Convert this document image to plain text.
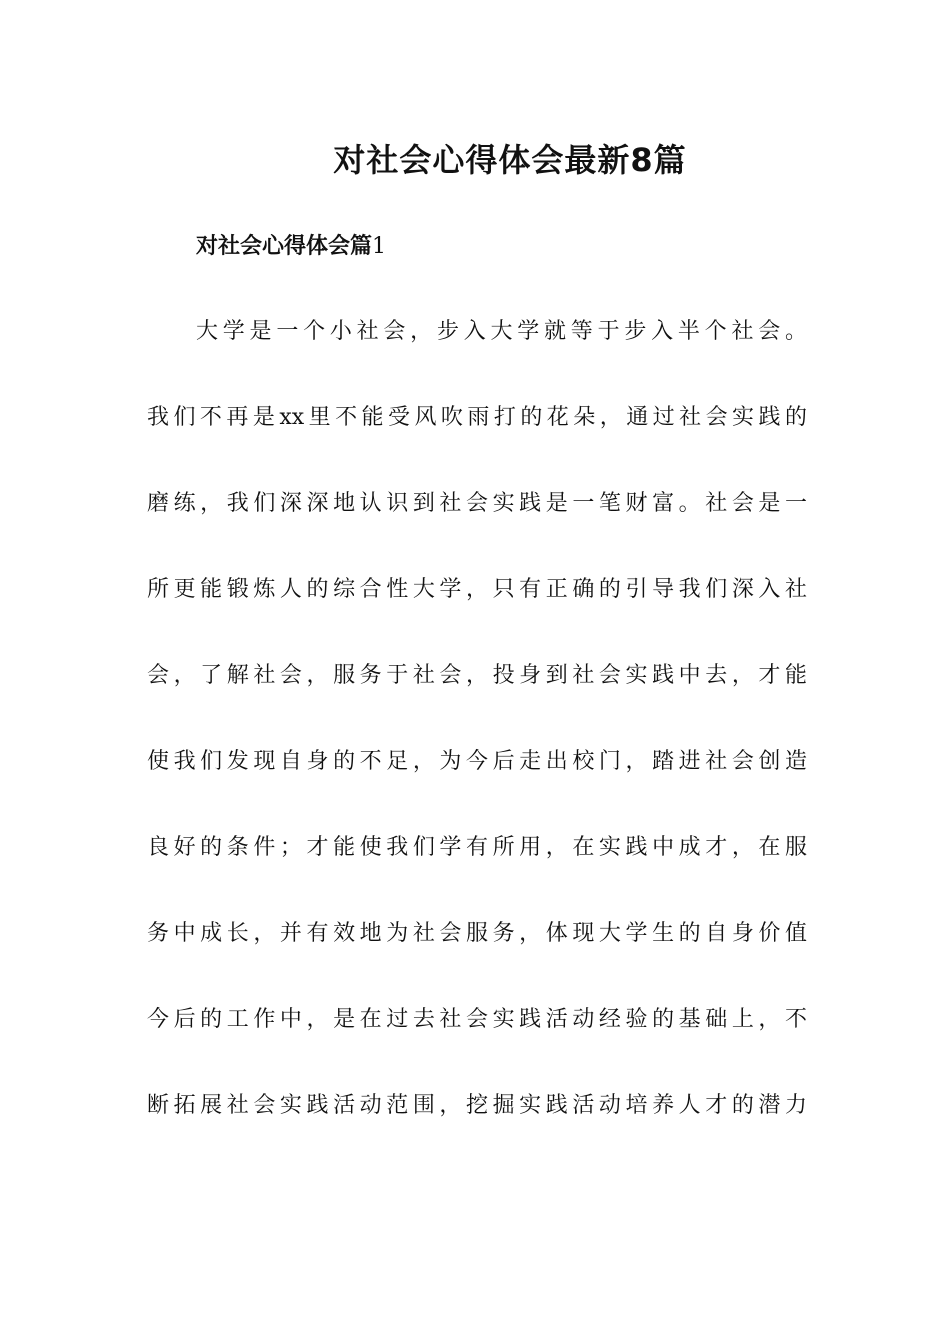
对社会心得体会最新8篇
对社会心得体会篇1
大学是一个小社会，步入大学就等于步入半个社会。
我们不再是xx里不能受风吹雨打的花朵，通过社会实践的
磨练，我们深深地认识到社会实践是一笔财富。社会是一
所更能锻炼人的综合性大学，只有正确的引导我们深入社
会，了解社会，服务于社会，投身到社会实践中去，才能
使我们发现自身的不足，为今后走出校门，踏进社会创造
良好的条件；才能使我们学有所用，在实践中成才，在服
务中成长，并有效地为社会服务，体现大学生的自身价值
今后的工作中，是在过去社会实践活动经验的基础上，不
断拓展社会实践活动范围，挖掘实践活动培养人才的潜力
